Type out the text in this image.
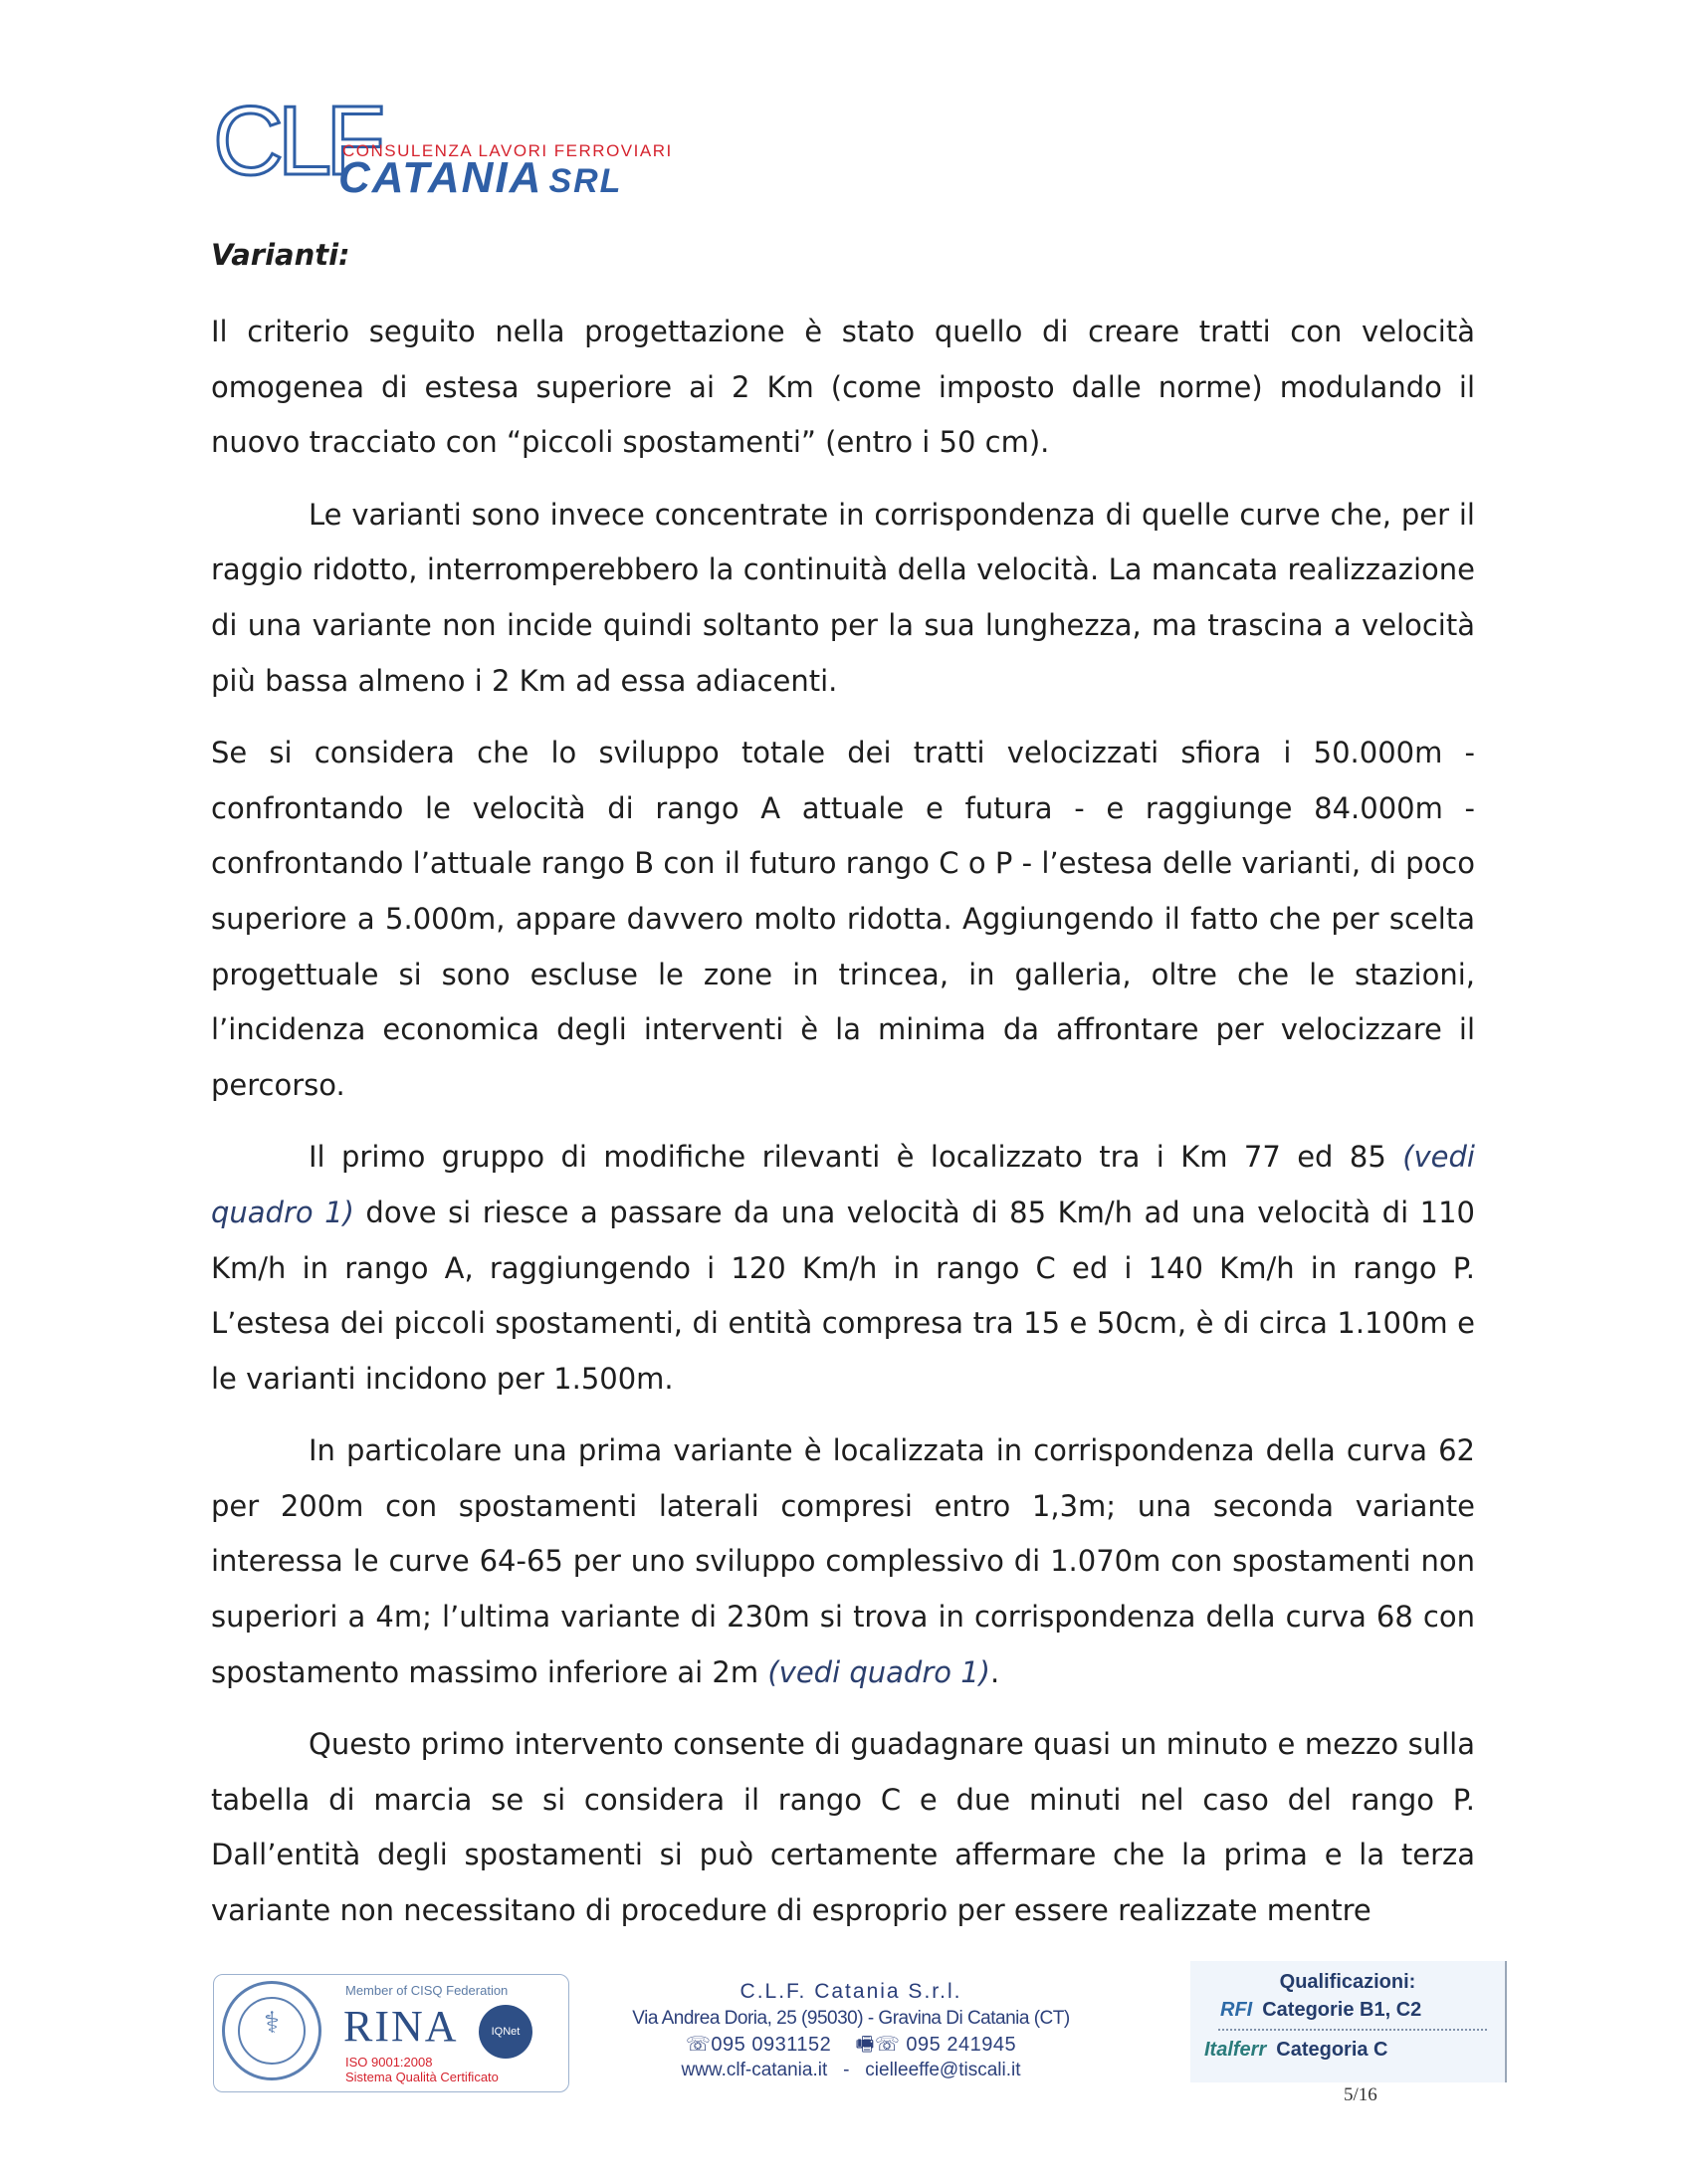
CLF
CONSULENZA LAVORI FERROVIARI
CATANIA SRL
Varianti:

Il criterio seguito nella progettazione è stato quello di creare tratti con velocità omogenea di estesa superiore ai 2 Km (come imposto dalle norme) modulando il nuovo tracciato con “piccoli spostamenti” (entro i 50 cm).

Le varianti sono invece concentrate in corrispondenza di quelle curve che, per il raggio ridotto, interromperebbero la continuità della velocità. La mancata realizzazione di una variante non incide quindi soltanto per la sua lunghezza, ma trascina a velocità più bassa almeno i 2 Km ad essa adiacenti.

Se si considera che lo sviluppo totale dei tratti velocizzati sfiora i 50.000m - confrontando le velocità di rango A attuale e futura - e raggiunge 84.000m - confrontando l’attuale rango B con il futuro rango C o P - l’estesa delle varianti, di poco superiore a 5.000m, appare davvero molto ridotta. Aggiungendo il fatto che per scelta progettuale si sono escluse le zone in trincea, in galleria, oltre che le stazioni, l’incidenza economica degli interventi è la minima da affrontare per velocizzare il percorso.

Il primo gruppo di modifiche rilevanti è localizzato tra i Km 77 ed 85 (vedi quadro 1) dove si riesce a passare da una velocità di 85 Km/h ad una velocità di 110 Km/h in rango A, raggiungendo i 120 Km/h in rango C ed i 140 Km/h in rango P. L’estesa dei piccoli spostamenti, di entità compresa tra 15 e 50cm, è di circa 1.100m e le varianti incidono per 1.500m.

In particolare una prima variante è localizzata in corrispondenza della curva 62 per 200m con spostamenti laterali compresi entro 1,3m; una seconda variante interessa le curve 64-65 per uno sviluppo complessivo di 1.070m con spostamenti non superiori a 4m; l’ultima variante di 230m si trova in corrispondenza della curva 68 con spostamento massimo inferiore ai 2m (vedi quadro 1).

Questo primo intervento consente di guadagnare quasi un minuto e mezzo sulla tabella di marcia se si considera il rango C e due minuti nel caso del rango P. Dall’entità degli spostamenti si può certamente affermare che la prima e la terza variante non necessitano di procedure di esproprio per essere realizzate mentre

⚕
Member of CISQ Federation
RINA	IQNet
ISO 9001:2008
Sistema Qualità Certificato
C.L.F. Catania S.r.l.
Via Andrea Doria, 25 (95030) - Gravina Di Catania (CT)
☏095 0931152 🖷☏ 095 241945
www.clf-catania.it - cielleeffe@tiscali.it
Qualificazioni:
RFI Categorie B1, C2
Italferr Categoria C
5/16
